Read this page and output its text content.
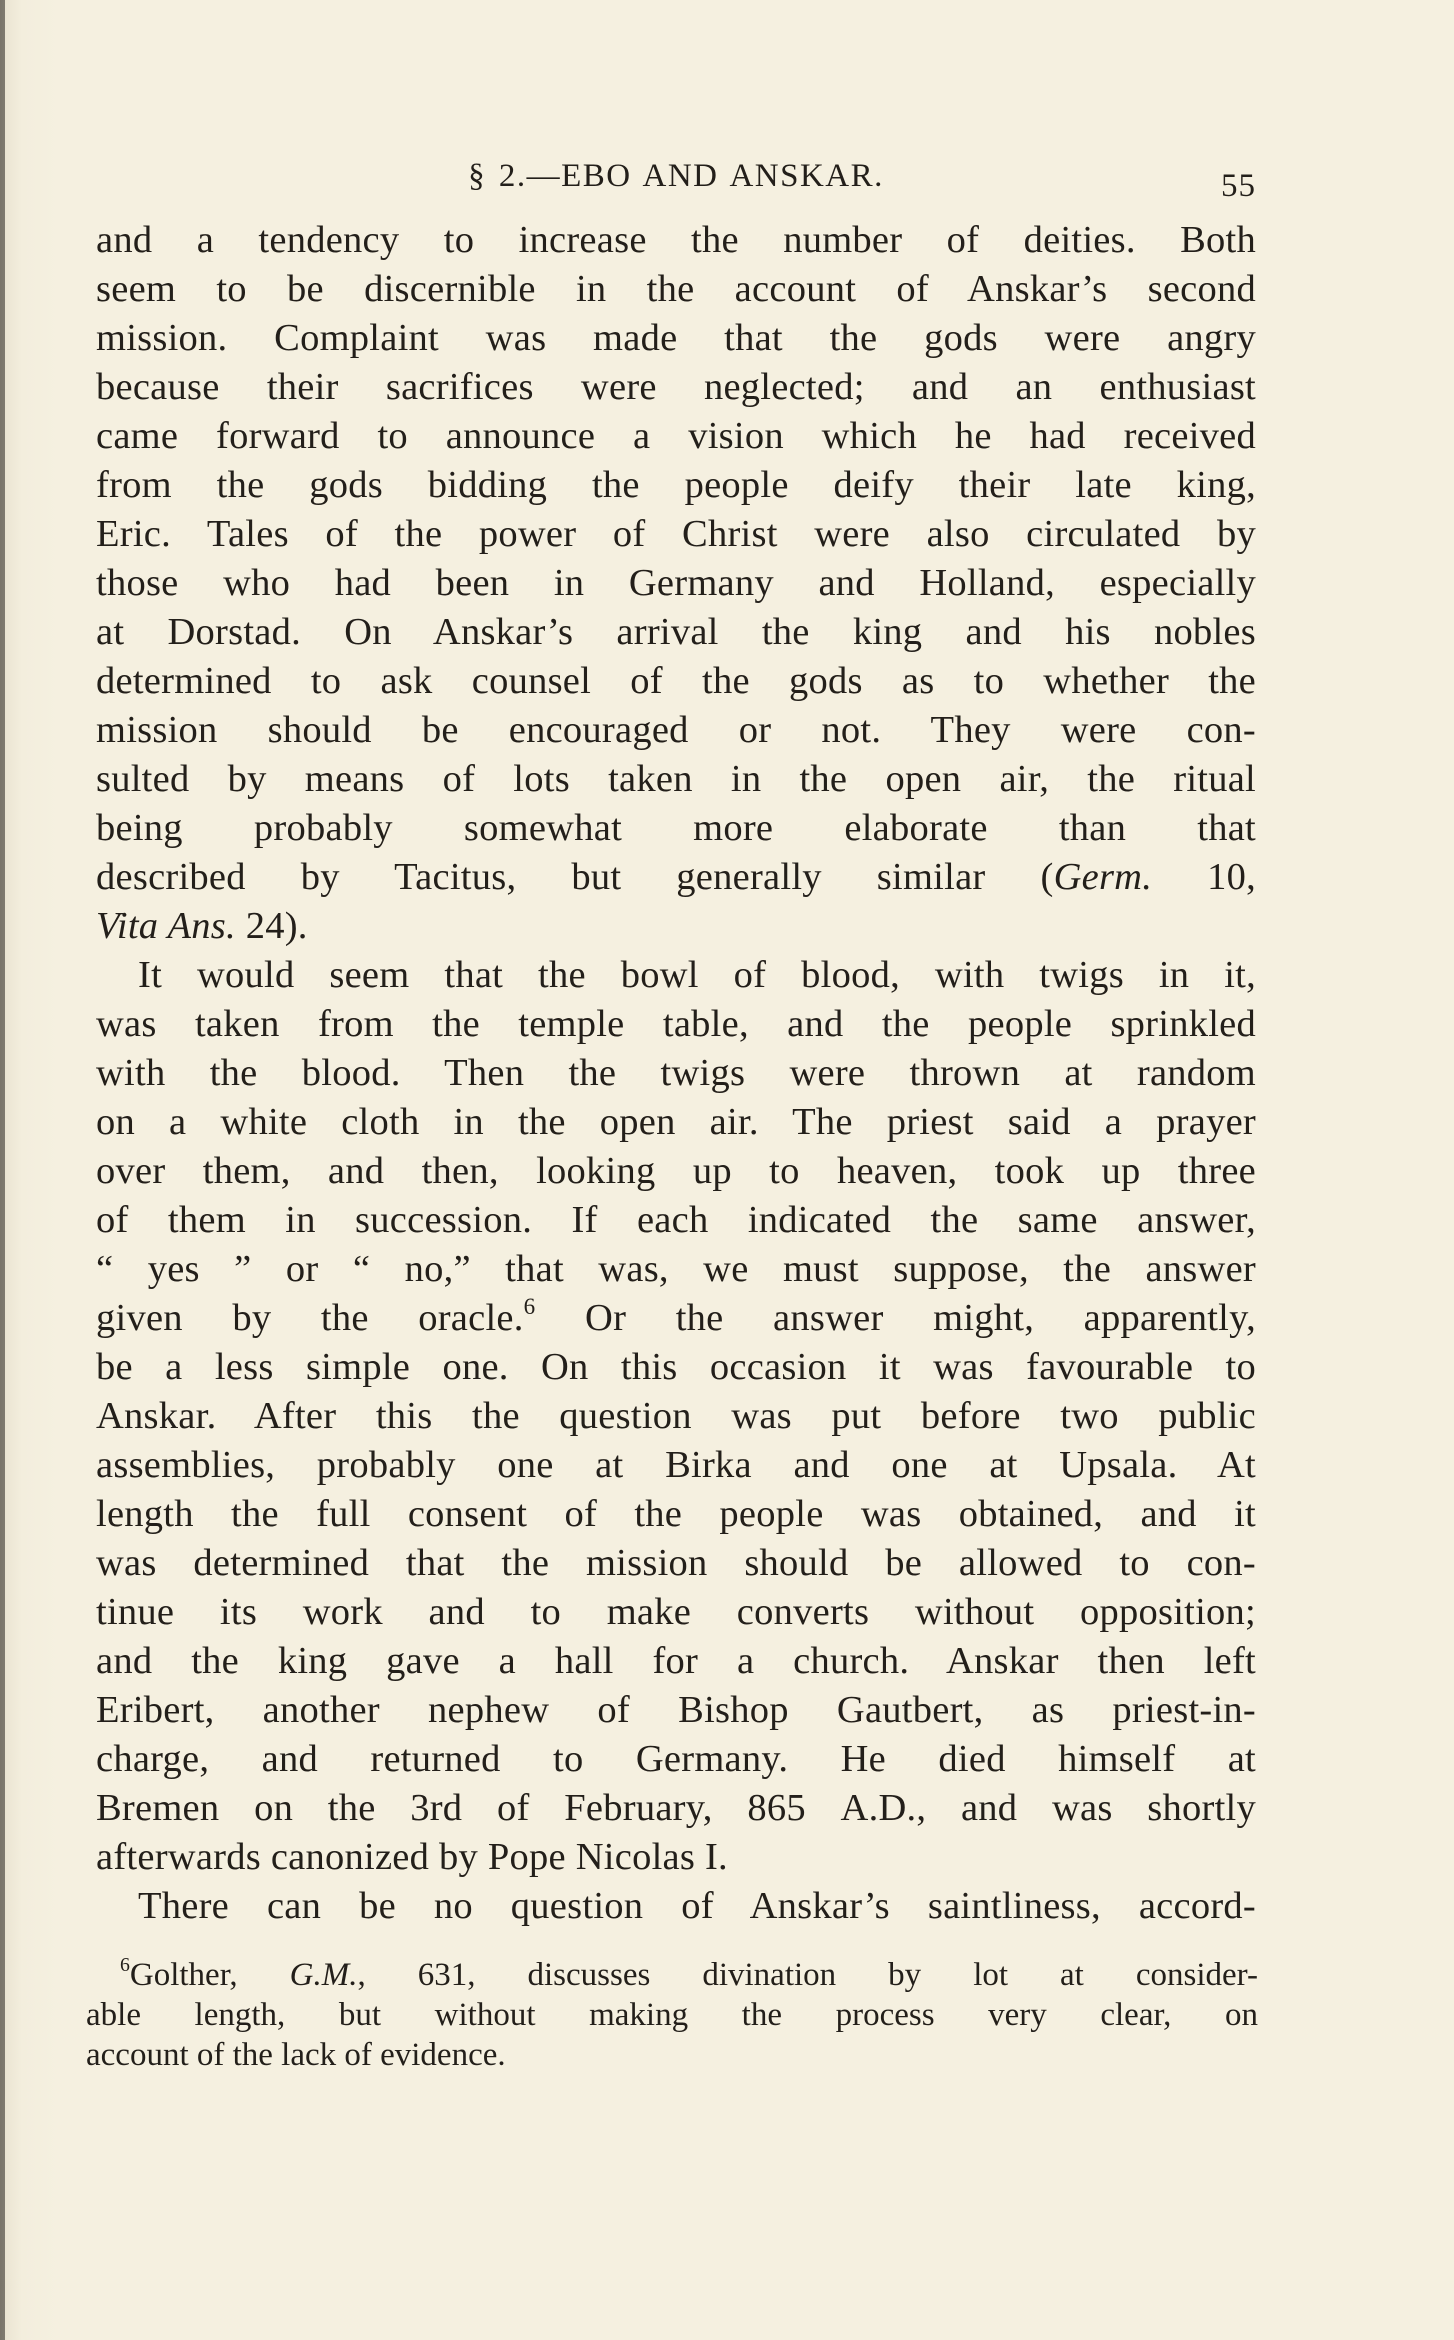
§ 2.—EBO AND ANSKAR.	55
and a tendency to increase the number of deities. Both
seem to be discernible in the account of Anskar’s second
mission. Complaint was made that the gods were angry
because their sacrifices were neglected; and an enthusiast
came forward to announce a vision which he had received
from the gods bidding the people deify their late king,
Eric. Tales of the power of Christ were also circulated by
those who had been in Germany and Holland, especially
at Dorstad. On Anskar’s arrival the king and his nobles
determined to ask counsel of the gods as to whether the
mission should be encouraged or not. They were con-
sulted by means of lots taken in the open air, the ritual
being probably somewhat more elaborate than that
described by Tacitus, but generally similar (Germ. 10,
Vita Ans. 24).
It would seem that the bowl of blood, with twigs in it,
was taken from the temple table, and the people sprinkled
with the blood. Then the twigs were thrown at random
on a white cloth in the open air. The priest said a prayer
over them, and then, looking up to heaven, took up three
of them in succession. If each indicated the same answer,
“ yes ” or “ no,” that was, we must suppose, the answer
given by the oracle.$^6$ Or the answer might, apparently,
be a less simple one. On this occasion it was favourable to
Anskar. After this the question was put before two public
assemblies, probably one at Birka and one at Upsala. At
length the full consent of the people was obtained, and it
was determined that the mission should be allowed to con-
tinue its work and to make converts without opposition;
and the king gave a hall for a church. Anskar then left
Eribert, another nephew of Bishop Gautbert, as priest-in-
charge, and returned to Germany. He died himself at
Bremen on the 3rd of February, 865 A.D., and was shortly
afterwards canonized by Pope Nicolas I.
There can be no question of Anskar’s saintliness, accord-
$^6$Golther, G.M., 631, discusses divination by lot at consider-
able length, but without making the process very clear, on
account of the lack of evidence.
